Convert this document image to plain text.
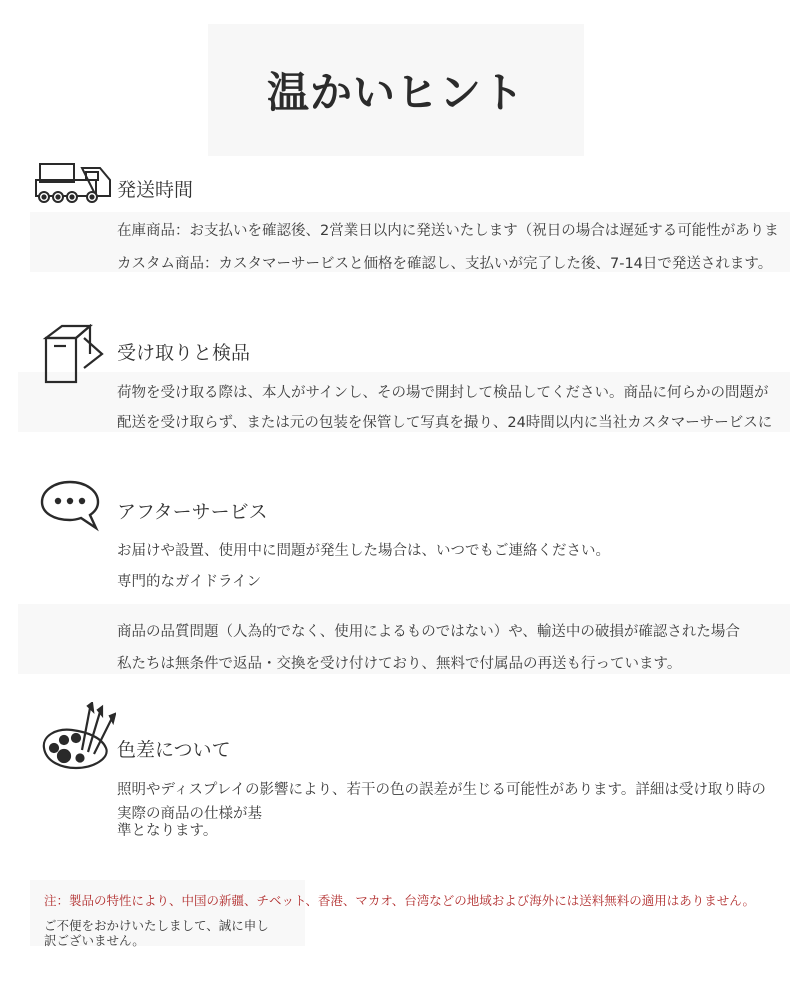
温かいヒント
発送時間
在庫商品：お支払いを確認後、2営業日以内に発送いたします（祝日の場合は遅延する可能性がありま
カスタム商品：カスタマーサービスと価格を確認し、支払いが完了した後、7-14日で発送されます。
受け取りと検品
荷物を受け取る際は、本人がサインし、その場で開封して検品してください。商品に何らかの問題が
配送を受け取らず、または元の包装を保管して写真を撮り、24時間以内に当社カスタマーサービスに
アフターサービス
お届けや設置、使用中に問題が発生した場合は、いつでもご連絡ください。
専門的なガイドライン
商品の品質問題（人為的でなく、使用によるものではない）や、輸送中の破損が確認された場合
私たちは無条件で返品・交換を受け付けており、無料で付属品の再送も行っています。
色差について
照明やディスプレイの影響により、若干の色の誤差が生じる可能性があります。詳細は受け取り時の
実際の商品の仕様が基
準となります。
注：製品の特性により、中国の新疆、チベット、香港、マカオ、台湾などの地域および海外には送料無料の適用はありません。
ご不便をおかけいたしまして、誠に申し訳ございません。
